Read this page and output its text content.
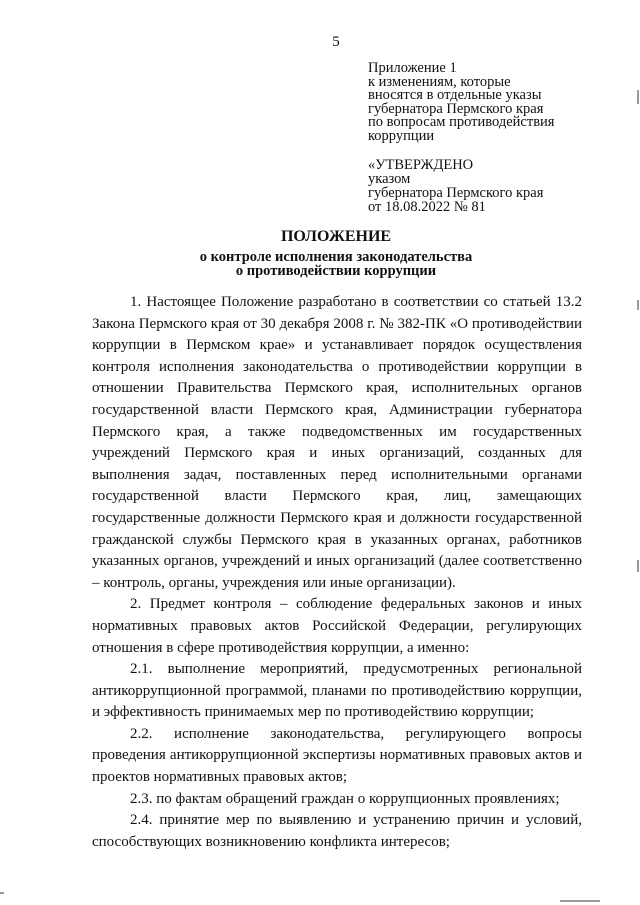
5
Приложение 1
к изменениям, которые
вносятся в отдельные указы
губернатора Пермского края
по вопросам противодействия
коррупции
«УТВЕРЖДЕНО
указом
губернатора Пермского края
от 18.08.2022 № 81
ПОЛОЖЕНИЕ
о контроле исполнения законодательства
о противодействии коррупции

1. Настоящее Положение разработано в соответствии со статьей 13.2 Закона Пермского края от 30 декабря 2008 г. № 382-ПК «О противодействии коррупции в Пермском крае» и устанавливает порядок осуществления контроля исполнения законодательства о противодействии коррупции в отношении Правительства Пермского края, исполнительных органов государственной власти Пермского края, Администрации губернатора Пермского края, а также подведомственных им государственных учреждений Пермского края и иных организаций, созданных для выполнения задач, поставленных перед исполнительными органами государственной власти Пермского края, лиц, замещающих государственные должности Пермского края и должности государственной гражданской службы Пермского края в указанных органах, работников указанных органов, учреждений и иных организаций (далее соответственно – контроль, органы, учреждения или иные организации).

2. Предмет контроля – соблюдение федеральных законов и иных нормативных правовых актов Российской Федерации, регулирующих отношения в сфере противодействия коррупции, а именно:

2.1. выполнение мероприятий, предусмотренных региональной антикоррупционной программой, планами по противодействию коррупции, и эффективность принимаемых мер по противодействию коррупции;

2.2. исполнение законодательства, регулирующего вопросы проведения антикоррупционной экспертизы нормативных правовых актов и проектов нормативных правовых актов;

2.3. по фактам обращений граждан о коррупционных проявлениях;

2.4. принятие мер по выявлению и устранению причин и условий, способствующих возникновению конфликта интересов;
